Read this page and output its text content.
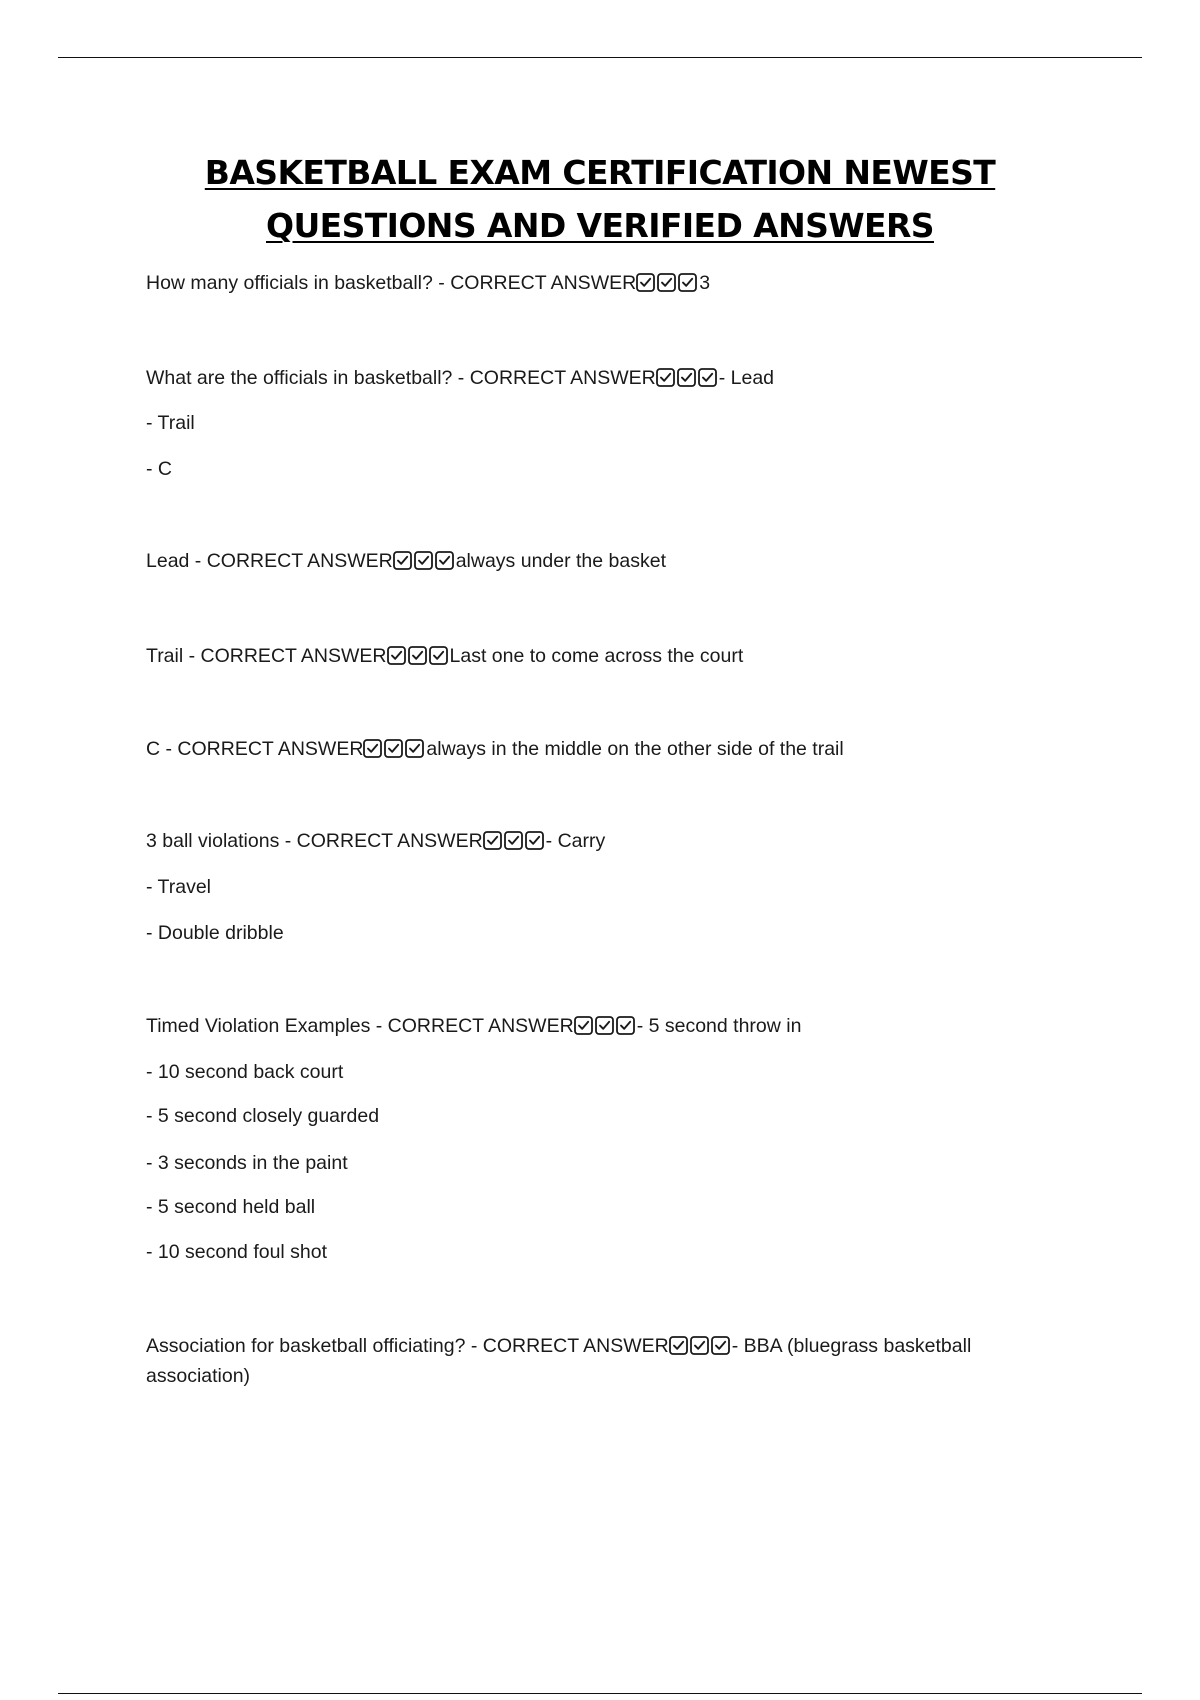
BASKETBALL EXAM CERTIFICATION NEWEST QUESTIONS AND VERIFIED ANSWERS

How many officials in basketball? - CORRECT ANSWER	3

What are the officials in basketball? - CORRECT ANSWER	- Lead

- Trail

- C

Lead - CORRECT ANSWER	always under the basket

Trail - CORRECT ANSWER	Last one to come across the court

C - CORRECT ANSWER	always in the middle on the other side of the trail

3 ball violations - CORRECT ANSWER	- Carry

- Travel

- Double dribble

Timed Violation Examples - CORRECT ANSWER	- 5 second throw in

- 10 second back court

- 5 second closely guarded

- 3 seconds in the paint

- 5 second held ball

- 10 second foul shot

Association for basketball officiating? - CORRECT ANSWER	- BBA (bluegrass basketball association)
